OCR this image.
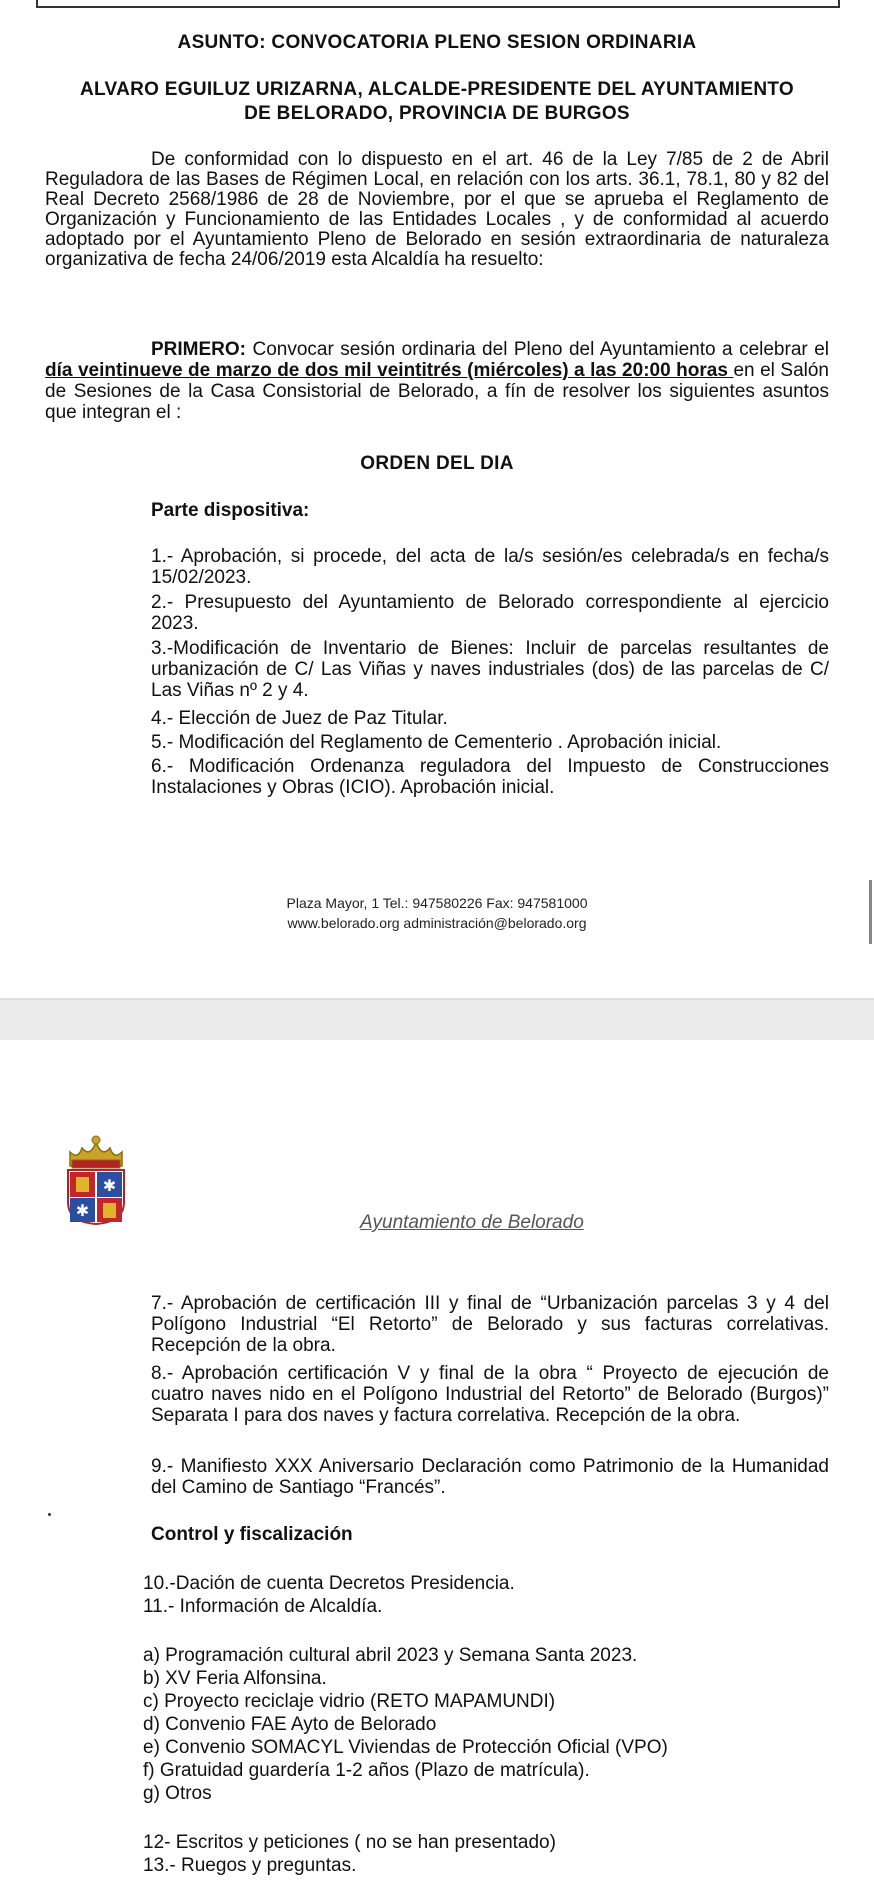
ASUNTO: CONVOCATORIA PLENO SESION ORDINARIA
ALVARO EGUILUZ URIZARNA, ALCALDE-PRESIDENTE DEL AYUNTAMIENTO
DE BELORADO, PROVINCIA DE BURGOS
De conformidad con lo dispuesto en el art. 46 de la Ley 7/85 de 2 de Abril Reguladora de las Bases de Régimen Local, en relación con los arts. 36.1, 78.1, 80 y 82 del Real Decreto 2568/1986 de 28 de Noviembre, por el que se aprueba el Reglamento de Organización y Funcionamiento de las Entidades Locales , y de conformidad al acuerdo adoptado por el Ayuntamiento Pleno de Belorado en sesión extraordinaria de naturaleza organizativa de fecha 24/06/2019 esta Alcaldía ha resuelto:
PRIMERO: Convocar sesión ordinaria del Pleno del Ayuntamiento a celebrar el día veintinueve de marzo de dos mil veintitrés (miércoles) a las 20:00 horas en el Salón de Sesiones de la Casa Consistorial de Belorado, a fín de resolver los siguientes asuntos que integran el :
ORDEN DEL DIA
Parte dispositiva:
1.- Aprobación, si procede, del acta de la/s sesión/es celebrada/s en fecha/s 15/02/2023.
2.- Presupuesto del Ayuntamiento de Belorado correspondiente al ejercicio 2023.
3.-Modificación de Inventario de Bienes: Incluir de parcelas resultantes de urbanización de C/ Las Viñas y naves industriales (dos) de las parcelas de C/ Las Viñas nº 2 y 4.
4.- Elección de Juez de Paz Titular.
5.- Modificación del Reglamento de Cementerio . Aprobación inicial.
6.- Modificación Ordenanza reguladora del Impuesto de Construcciones Instalaciones y Obras (ICIO). Aprobación inicial.
Plaza Mayor, 1 Tel.: 947580226 Fax: 947581000
www.belorado.org administración@belorado.org
✱
✱
Ayuntamiento de Belorado
7.- Aprobación de certificación III y final de “Urbanización parcelas 3 y 4 del Polígono Industrial “El Retorto” de Belorado y sus facturas correlativas. Recepción de la obra.
8.- Aprobación certificación V y final de la obra “ Proyecto de ejecución de cuatro naves nido en el Polígono Industrial del Retorto” de Belorado (Burgos)” Separata I para dos naves y factura correlativa. Recepción de la obra.
9.- Manifiesto XXX Aniversario Declaración como Patrimonio de la Humanidad del Camino de Santiago “Francés”.
Control y fiscalización
10.-Dación de cuenta Decretos Presidencia.
11.- Información de Alcaldía.
a) Programación cultural abril 2023 y Semana Santa 2023.
b) XV Feria Alfonsina.
c) Proyecto reciclaje vidrio (RETO MAPAMUNDI)
d) Convenio FAE Ayto de Belorado
e) Convenio SOMACYL Viviendas de Protección Oficial (VPO)
f) Gratuidad guardería 1-2 años (Plazo de matrícula).
g) Otros
12- Escritos y peticiones ( no se han presentado)
13.- Ruegos y preguntas.
